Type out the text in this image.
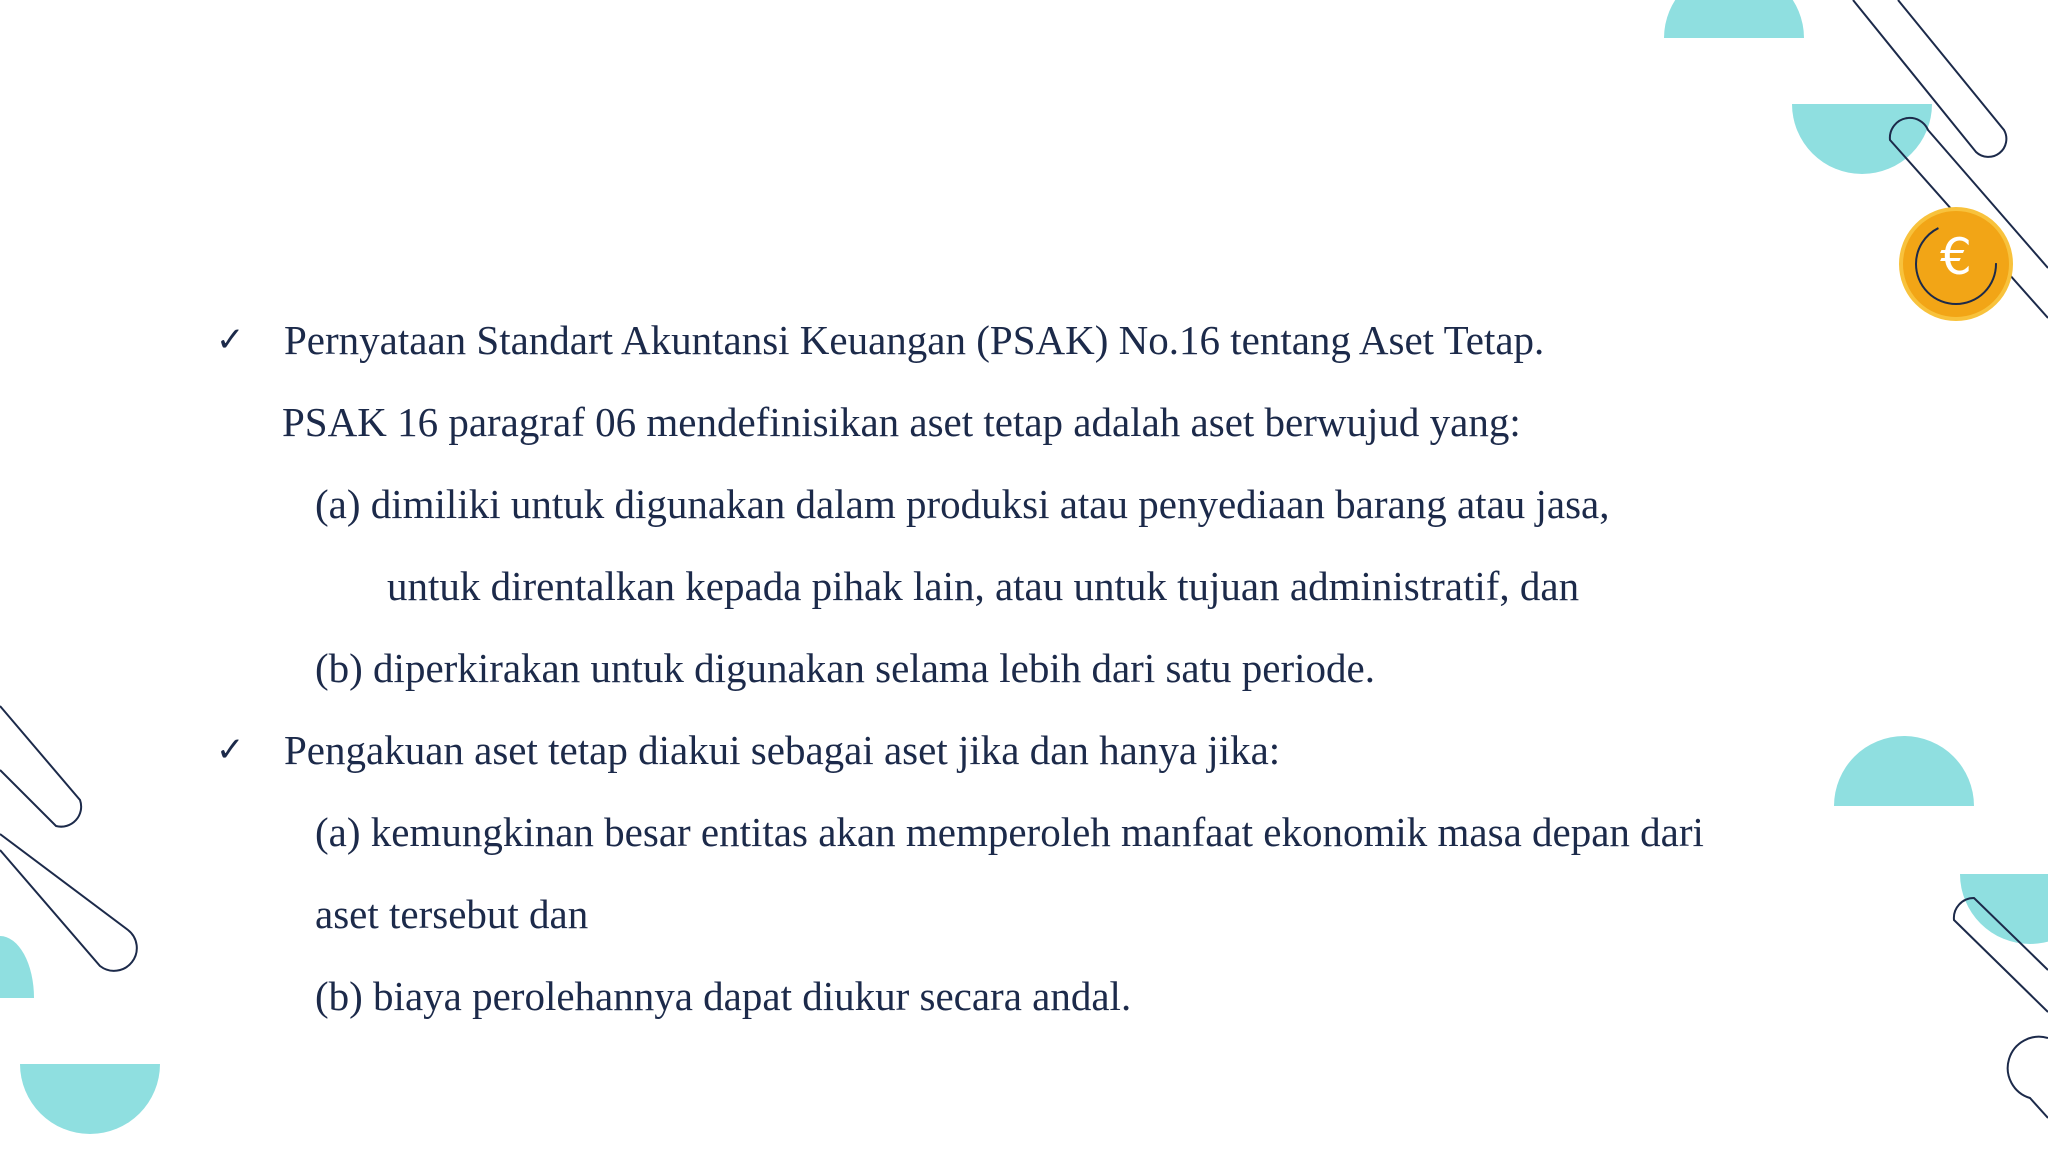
✓ Pernyataan Standart Akuntansi Keuangan (PSAK) No.16 tentang Aset Tetap.
PSAK 16 paragraf 06 mendefinisikan aset tetap adalah aset berwujud yang:
(a) dimiliki untuk digunakan dalam produksi atau penyediaan barang atau jasa,
untuk direntalkan kepada pihak lain, atau untuk tujuan administratif, dan
(b) diperkirakan untuk digunakan selama lebih dari satu periode.
✓ Pengakuan aset tetap diakui sebagai aset jika dan hanya jika:
(a) kemungkinan besar entitas akan memperoleh manfaat ekonomik masa depan dari
aset tersebut dan
(b) biaya perolehannya dapat diukur secara andal.
€
